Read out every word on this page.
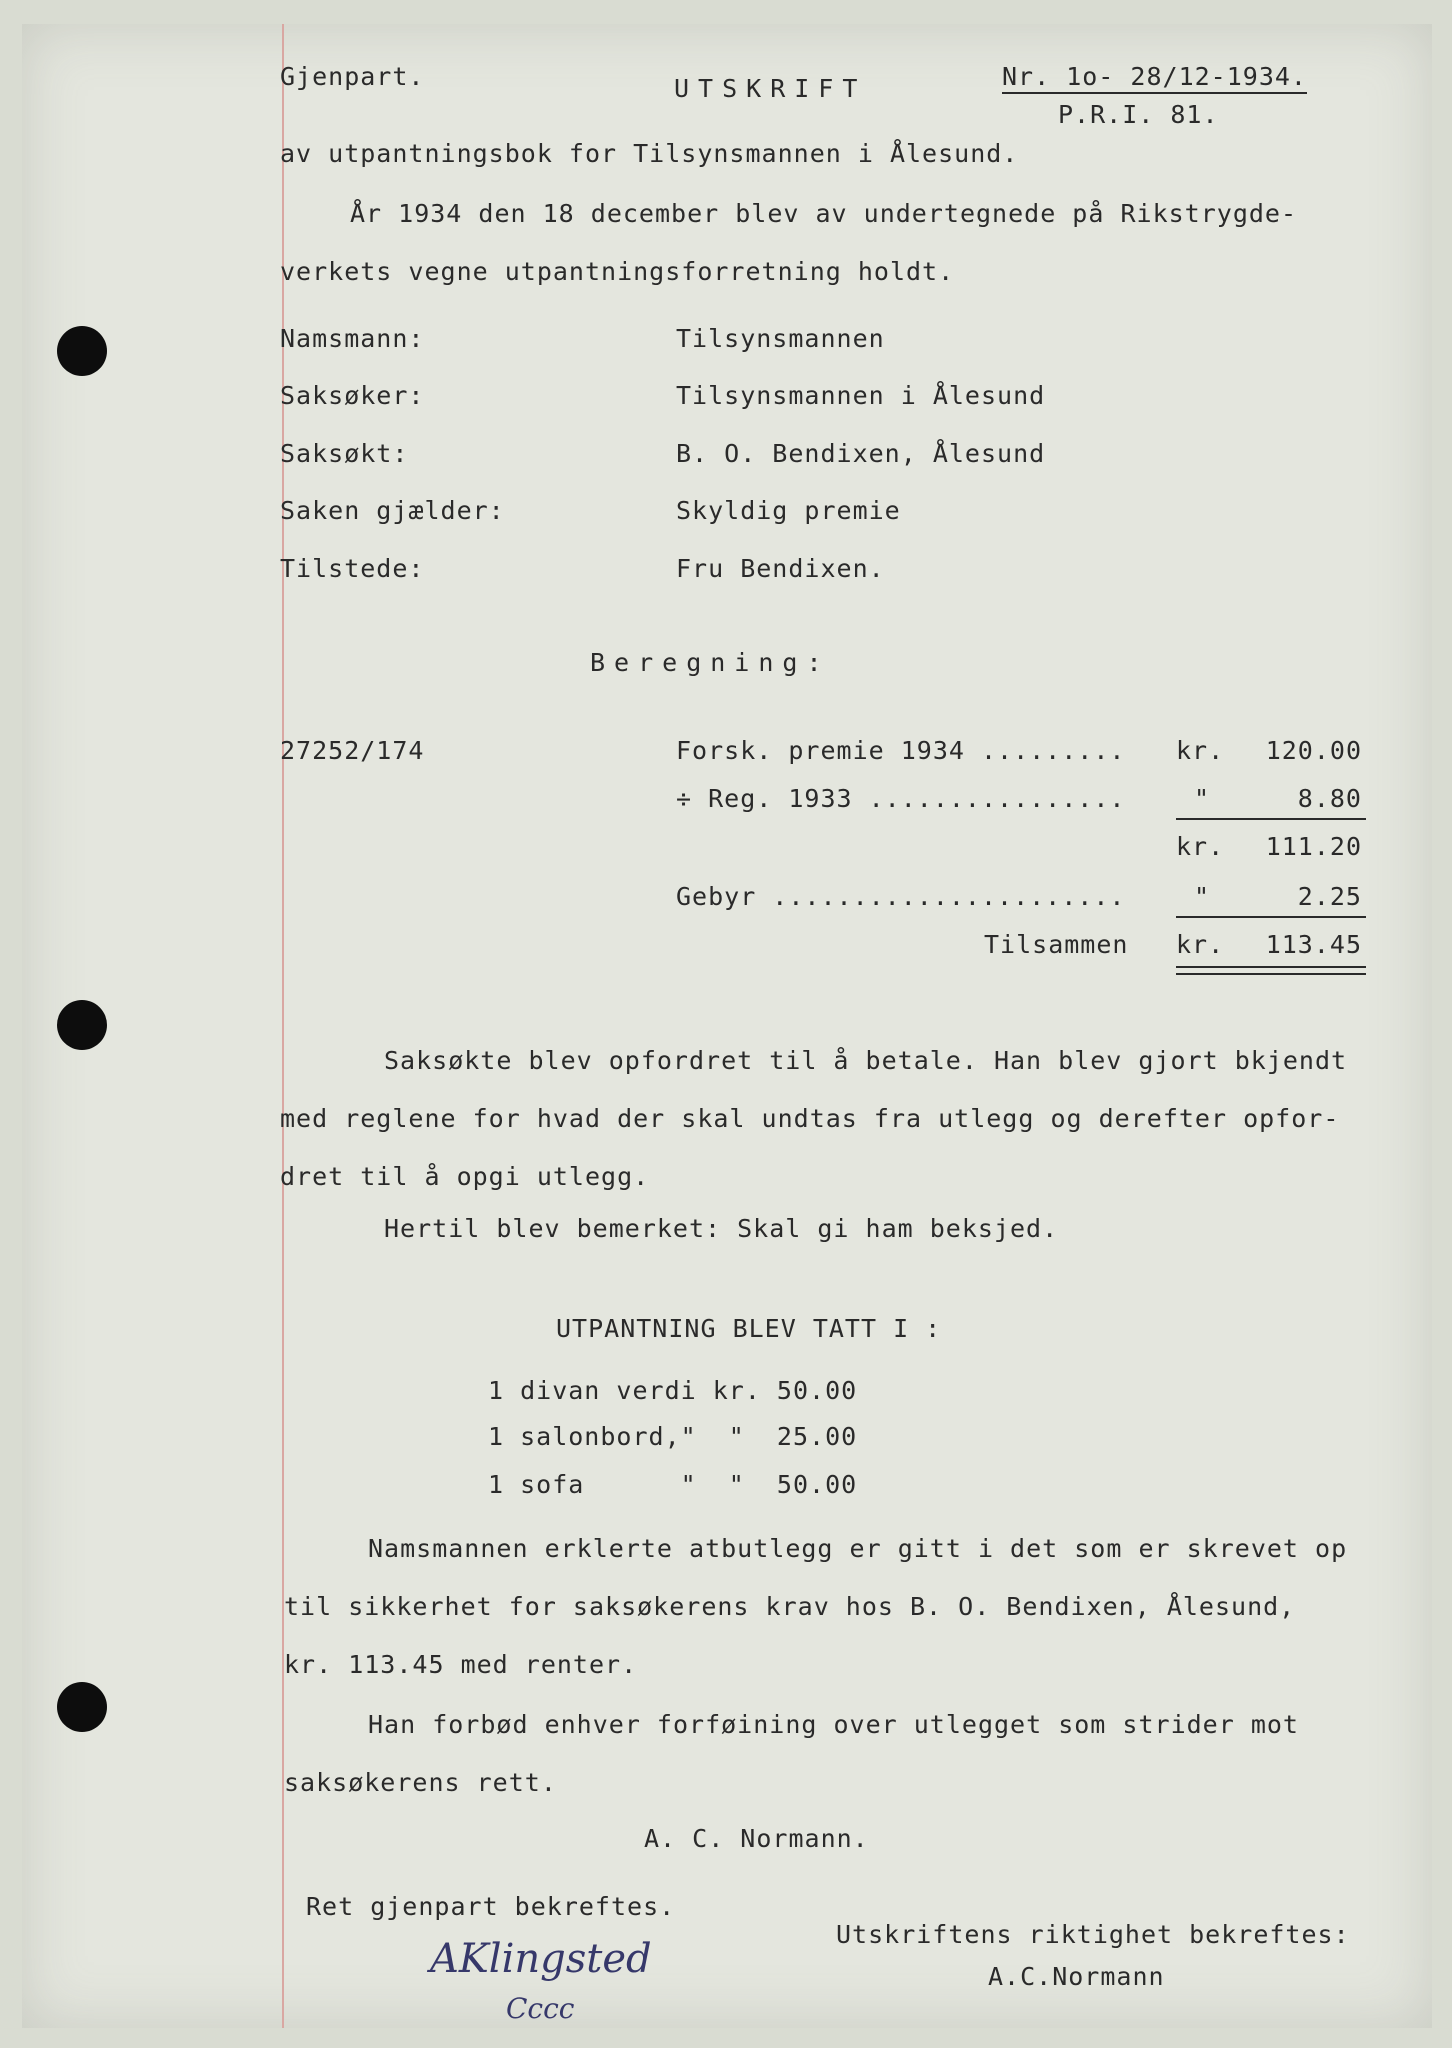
Gjenpart.	UTSKRIFT	Nr. 1o- 28/12-1934.
P.R.I. 81.
av utpantningsbok for Tilsynsmannen i Ålesund.
År 1934 den 18 december blev av undertegnede på Rikstrygde-
verkets vegne utpantningsforretning holdt.
Namsmann:	Tilsynsmannen
Saksøker:	Tilsynsmannen i Ålesund
Saksøkt:	B. O. Bendixen, Ålesund
Saken gjælder:	Skyldig premie
Tilstede:	Fru Bendixen.
Beregning:
27252/174	Forsk. premie 1934 ......... kr.	120.00
÷ Reg. 1933 ................	"	8.80
kr.	111.20
Gebyr ......................	"	2.25
Tilsammen kr.	113.45
Saksøkte blev opfordret til å betale. Han blev gjort bkjendt
med reglene for hvad der skal undtas fra utlegg og derefter opfor-
dret til å opgi utlegg.
Hertil blev bemerket: Skal gi ham beksjed.
UTPANTNING BLEV TATT I :
1 divan verdi kr. 50.00
1 salonbord,"  "  25.00
1 sofa      "  "  50.00
Namsmannen erklerte atbutlegg er gitt i det som er skrevet op
til sikkerhet for saksøkerens krav hos B. O. Bendixen, Ålesund,
kr. 113.45 med renter.
Han forbød enhver forføining over utlegget som strider mot
saksøkerens rett.
A. C. Normann.
Ret gjenpart bekreftes.
AKlingsted
Cccc
Utskriftens riktighet bekreftes:
A.C.Normann
